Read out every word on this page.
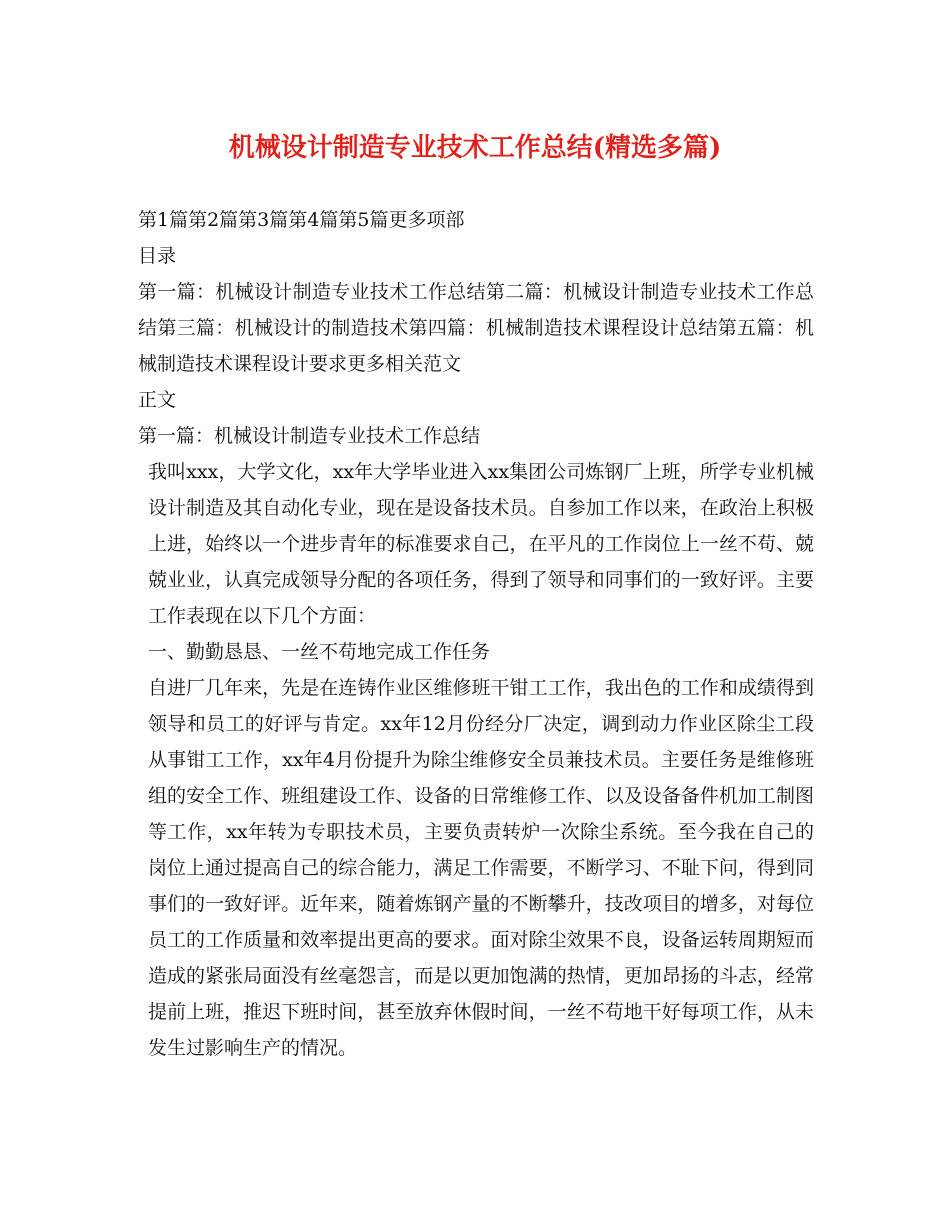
机械设计制造专业技术工作总结(精选多篇)

第1篇第2篇第3篇第4篇第5篇更多项部

目录

第一篇：机械设计制造专业技术工作总结第二篇：机械设计制造专业技术工作总结第三篇：机械设计的制造技术第四篇：机械制造技术课程设计总结第五篇：机械制造技术课程设计要求更多相关范文

正文

第一篇：机械设计制造专业技术工作总结

我叫xxx，大学文化，xx年大学毕业进入xx集团公司炼钢厂上班，所学专业机械设计制造及其自动化专业，现在是设备技术员。自参加工作以来，在政治上积极上进，始终以一个进步青年的标准要求自己，在平凡的工作岗位上一丝不苟、兢兢业业，认真完成领导分配的各项任务，得到了领导和同事们的一致好评。主要工作表现在以下几个方面：

一、勤勤恳恳、一丝不苟地完成工作任务

自进厂几年来，先是在连铸作业区维修班干钳工工作，我出色的工作和成绩得到领导和员工的好评与肯定。xx年12月份经分厂决定，调到动力作业区除尘工段从事钳工工作，xx年4月份提升为除尘维修安全员兼技术员。主要任务是维修班组的安全工作、班组建设工作、设备的日常维修工作、以及设备备件机加工制图等工作，xx年转为专职技术员，主要负责转炉一次除尘系统。至今我在自己的岗位上通过提高自己的综合能力，满足工作需要，不断学习、不耻下问，得到同事们的一致好评。近年来，随着炼钢产量的不断攀升，技改项目的增多，对每位员工的工作质量和效率提出更高的要求。面对除尘效果不良，设备运转周期短而造成的紧张局面没有丝毫怨言，而是以更加饱满的热情，更加昂扬的斗志，经常提前上班，推迟下班时间，甚至放弃休假时间，一丝不苟地干好每项工作，从未发生过影响生产的情况。
